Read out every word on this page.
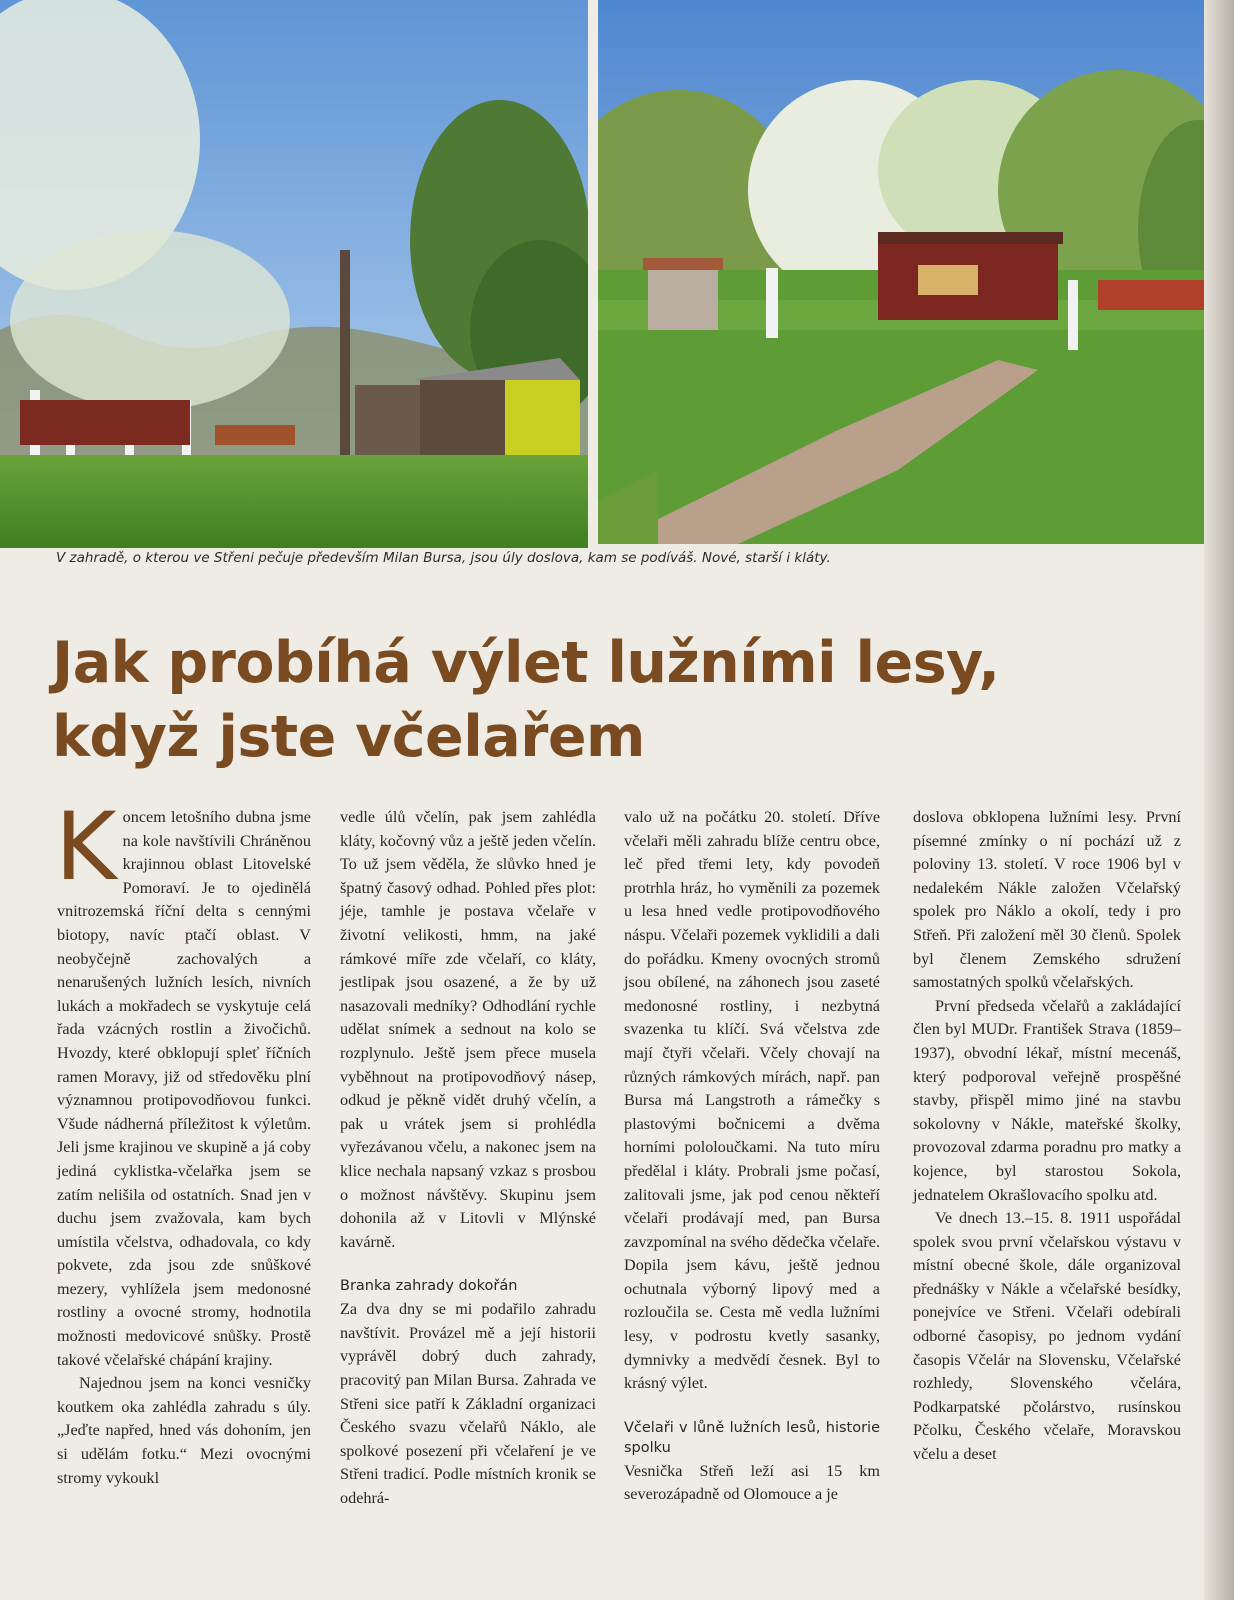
V zahradě, o kterou ve Střeni pečuje především Milan Bursa, jsou úly doslova, kam se podíváš. Nové, starší i kláty.
Jak probíhá výlet lužními lesy,
když jste včelařem

Koncem letošního dubna jsme na kole navštívili Chráněnou krajinnou oblast Litovelské Pomoraví. Je to ojedinělá vnitrozemská říční delta s cennými biotopy, navíc ptačí oblast. V neobyčejně zachovalých a nenarušených lužních lesích, nivních lukách a mokřadech se vyskytuje celá řada vzácných rostlin a živočichů. Hvozdy, které obklopují spleť říčních ramen Moravy, již od středověku plní významnou protipovodňovou funkci. Všude nádherná příležitost k výletům. Jeli jsme krajinou ve skupině a já coby jediná cyklistka-včelařka jsem se zatím nelišila od ostatních. Snad jen v duchu jsem zvažovala, kam bych umístila včelstva, odhadovala, co kdy pokvete, zda jsou zde snůškové mezery, vyhlížela jsem medonosné rostliny a ovocné stromy, hodnotila možnosti medovicové snůšky. Prostě takové včelařské chápání krajiny.

Najednou jsem na konci vesničky koutkem oka zahlédla zahradu s úly. „Jeďte napřed, hned vás dohoním, jen si udělám fotku.“ Mezi ovocnými stromy vykoukl

vedle úlů včelín, pak jsem zahlédla kláty, kočovný vůz a ještě jeden včelín. To už jsem věděla, že slůvko hned je špatný časový odhad. Pohled přes plot: jéje, tamhle je postava včelaře v životní velikosti, hmm, na jaké rámkové míře zde včelaří, co kláty, jestlipak jsou osazené, a že by už nasazovali medníky? Odhodlání rychle udělat snímek a sednout na kolo se rozplynulo. Ještě jsem přece musela vyběhnout na protipovodňový násep, odkud je pěkně vidět druhý včelín, a pak u vrátek jsem si prohlédla vyřezávanou včelu, a nakonec jsem na klice nechala napsaný vzkaz s prosbou o možnost návštěvy. Skupinu jsem dohonila až v Litovli v Mlýnské kavárně.

Branka zahrady dokořán

Za dva dny se mi podařilo zahradu navštívit. Provázel mě a její historii vyprávěl dobrý duch zahrady, pracovitý pan Milan Bursa. Zahrada ve Střeni sice patří k Základní organizaci Českého svazu včelařů Náklo, ale spolkové posezení při včelaření je ve Střeni tradicí. Podle místních kronik se odehrá-

valo už na počátku 20. století. Dříve včelaři měli zahradu blíže centru obce, leč před třemi lety, kdy povodeň protrhla hráz, ho vyměnili za pozemek u lesa hned vedle protipovodňového náspu. Včelaři pozemek vyklidili a dali do pořádku. Kmeny ovocných stromů jsou obílené, na záhonech jsou zaseté medonosné rostliny, i nezbytná svazenka tu klíčí. Svá včelstva zde mají čtyři včelaři. Včely chovají na různých rámkových mírách, např. pan Bursa má Langstroth a rámečky s plastovými bočnicemi a dvěma horními pololoučkami. Na tuto míru předělal i kláty. Probrali jsme počasí, zalitovali jsme, jak pod cenou někteří včelaři prodávají med, pan Bursa zavzpomínal na svého dědečka včelaře. Dopila jsem kávu, ještě jednou ochutnala výborný lipový med a rozloučila se. Cesta mě vedla lužními lesy, v podrostu kvetly sasanky, dymnivky a medvědí česnek. Byl to krásný výlet.

Včelaři v lůně lužních lesů, historie spolku

Vesnička Střeň leží asi 15 km severozápadně od Olomouce a je

doslova obklopena lužními lesy. První písemné zmínky o ní pochází už z poloviny 13. století. V roce 1906 byl v nedalekém Nákle založen Včelařský spolek pro Náklo a okolí, tedy i pro Střeň. Při založení měl 30 členů. Spolek byl členem Zemského sdružení samostatných spolků včelařských.

První předseda včelařů a zakládající člen byl MUDr. František Strava (1859–1937), obvodní lékař, místní mecenáš, který podporoval veřejně prospěšné stavby, přispěl mimo jiné na stavbu sokolovny v Nákle, mateřské školky, provozoval zdarma poradnu pro matky a kojence, byl starostou Sokola, jednatelem Okrašlovacího spolku atd.

Ve dnech 13.–15. 8. 1911 uspořádal spolek svou první včelařskou výstavu v místní obecné škole, dále organizoval přednášky v Nákle a včelařské besídky, ponejvíce ve Střeni. Včelaři odebírali odborné časopisy, po jednom vydání časopis Včelár na Slovensku, Včelařské rozhledy, Slovenského včelára, Podkarpatské pčolárstvo, rusínskou Pčolku, Českého včelaře, Moravskou včelu a deset
